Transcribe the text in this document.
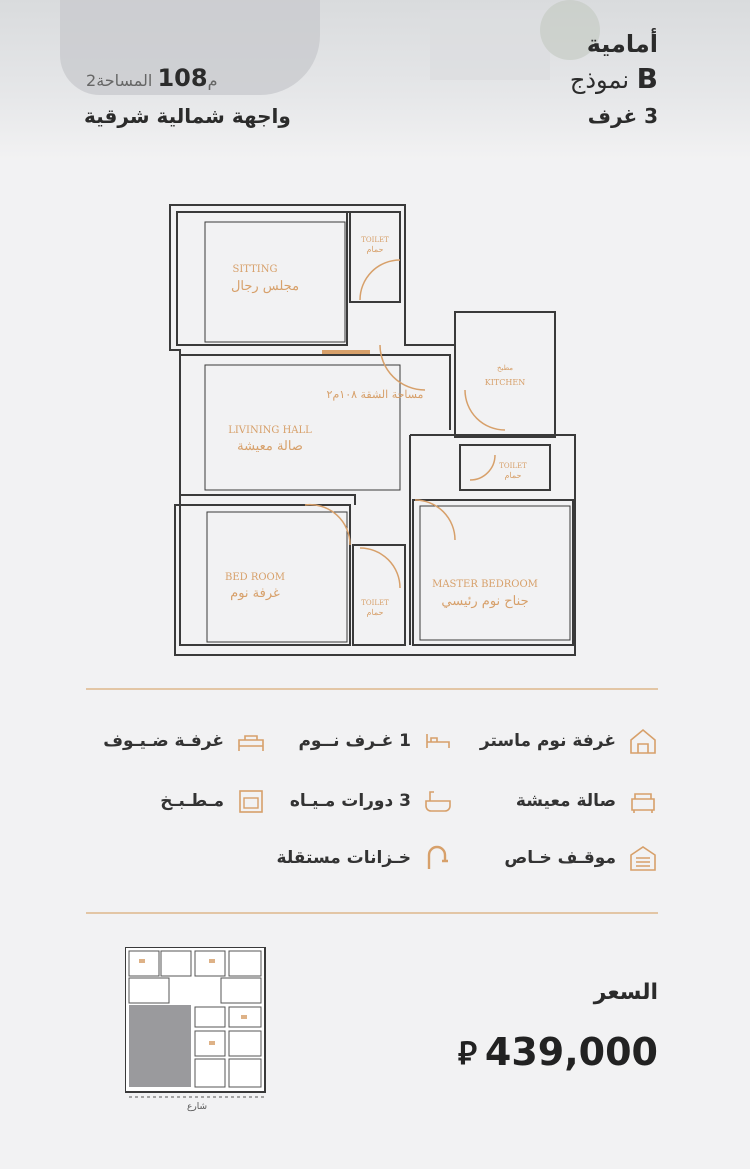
أمامية
B نموذج
3 غرف
2م108 المساحة
واجهة شمالية شرقية
SITTING
مجلس رجال
TOILET
حمام
مطبخ
KITCHEN
مساحة الشقة ١٠٨م٢
LIVINING HALL
صالة معيشة
TOILET
حمام
BED ROOM
غرفة نوم
TOILET
حمام
MASTER BEDROOM
جناح نوم رئيسي
غرفة نوم ماستر
صالة معيشة
موقـف خـاص
1 غـرف نــوم
3 دورات مـيـاه
خـزانات مستقلة
غرفـة ضـيـوف
مـطـبـخ
شارع
السعر
⃁ 439,000
